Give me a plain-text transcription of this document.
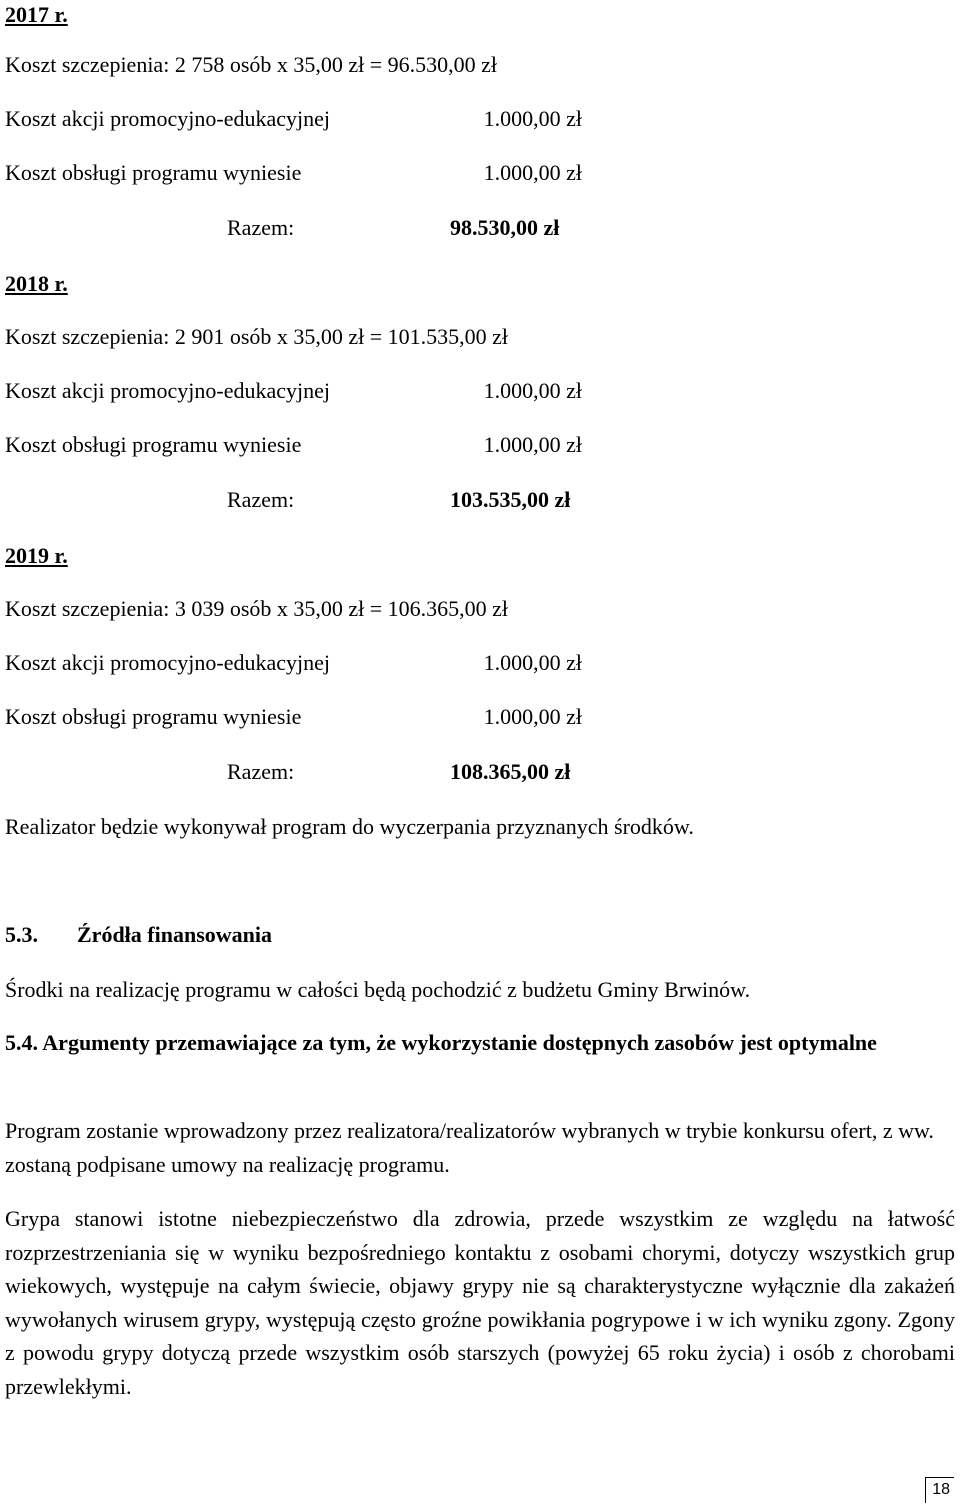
2017 r.
Koszt szczepienia: 2 758 osób x 35,00 zł = 96.530,00 zł
Koszt akcji promocyjno-edukacyjnej	1.000,00 zł
Koszt obsługi programu wyniesie	1.000,00 zł
Razem:	98.530,00 zł
2018 r.
Koszt szczepienia: 2 901 osób x 35,00 zł = 101.535,00 zł
Koszt akcji promocyjno-edukacyjnej	1.000,00 zł
Koszt obsługi programu wyniesie	1.000,00 zł
Razem:	103.535,00 zł
2019 r.
Koszt szczepienia: 3 039 osób x 35,00 zł = 106.365,00 zł
Koszt akcji promocyjno-edukacyjnej	1.000,00 zł
Koszt obsługi programu wyniesie	1.000,00 zł
Razem:	108.365,00 zł
Realizator będzie wykonywał program do wyczerpania przyznanych środków.
5.3. Źródła finansowania
Środki na realizację programu w całości będą pochodzić z budżetu Gminy Brwinów.
5.4. Argumenty przemawiające za tym, że wykorzystanie dostępnych zasobów jest optymalne
Program zostanie wprowadzony przez realizatora/realizatorów wybranych w trybie konkursu ofert, z ww. zostaną podpisane umowy na realizację programu.
Grypa stanowi istotne niebezpieczeństwo dla zdrowia, przede wszystkim ze względu na łatwość rozprzestrzeniania się w wyniku bezpośredniego kontaktu z osobami chorymi, dotyczy wszystkich grup wiekowych, występuje na całym świecie, objawy grypy nie są charakterystyczne wyłącznie dla zakażeń wywołanych wirusem grypy, występują często groźne powikłania pogrypowe i w ich wyniku zgony. Zgony z powodu grypy dotyczą przede wszystkim osób starszych (powyżej 65 roku życia) i osób z chorobami przewlekłymi.
18
